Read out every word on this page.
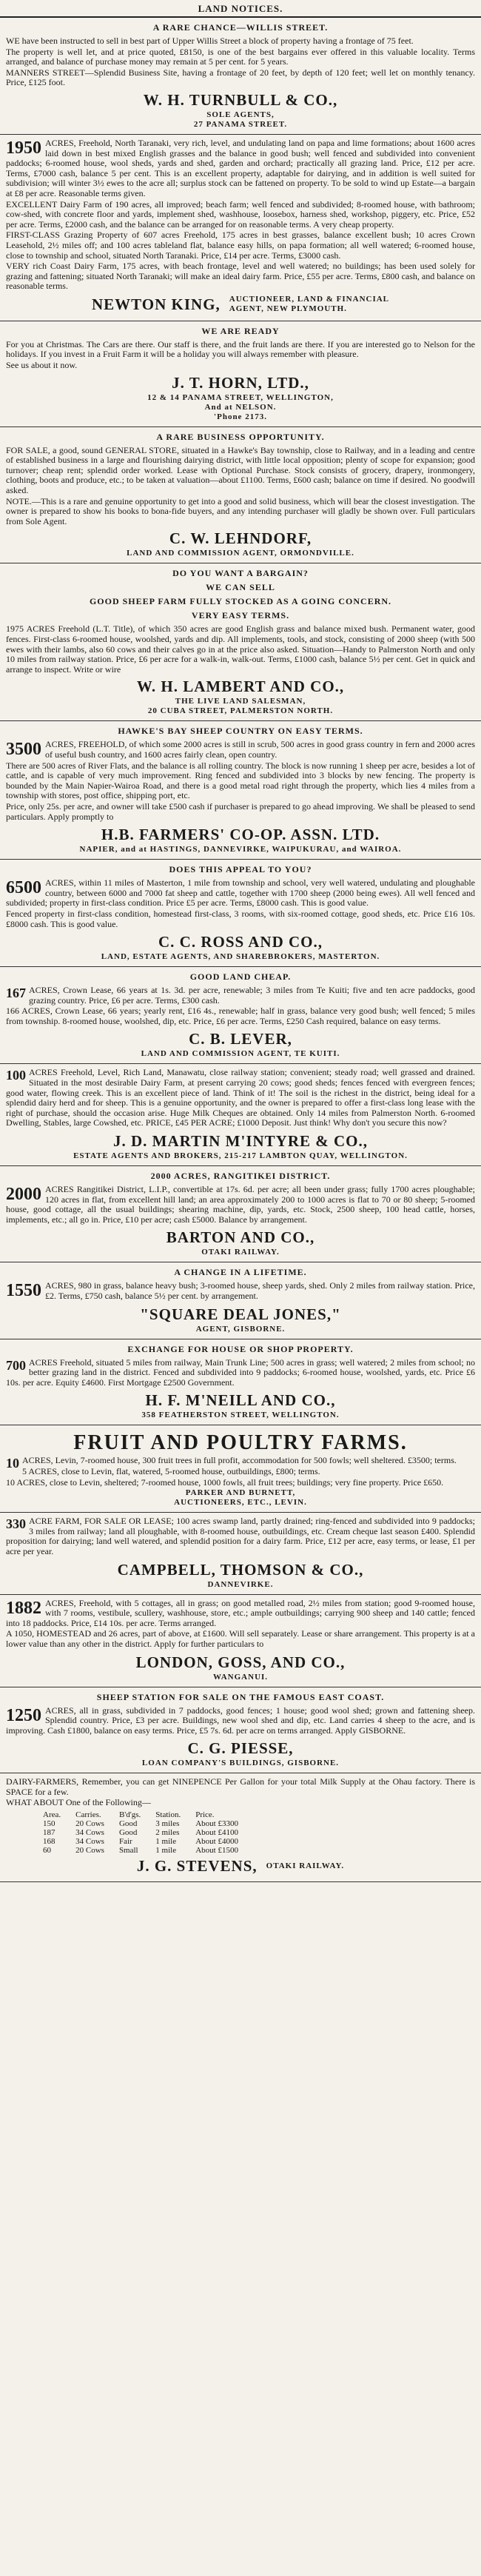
LAND NOTICES.
A RARE CHANCE—WILLIS STREET.

WE have been instructed to sell in best part of Upper Willis Street a block of property having a frontage of 75 feet.

The property is well let, and at price quoted, £8150, is one of the best bargains ever offered in this valuable locality. Terms arranged, and balance of purchase money may remain at 5 per cent. for 5 years.

MANNERS STREET—Splendid Business Site, having a frontage of 20 feet, by depth of 120 feet; well let on monthly tenancy. Price, £125 foot.

W. H. TURNBULL & CO.,
SOLE AGENTS,
27 PANAMA STREET.

1950 ACRES, Freehold, North Taranaki, very rich, level, and undulating land on papa and lime formations; about 1600 acres laid down in best mixed English grasses and the balance in good bush; well fenced and subdivided into convenient paddocks; 6-roomed house, wool sheds, yards and shed, garden and orchard; practically all grazing land. Price, £12 per acre. Terms, £7000 cash, balance 5 per cent. This is an excellent property, adaptable for dairying, and in addition is well suited for subdivision; will winter 3½ ewes to the acre all; surplus stock can be fattened on property. To be sold to wind up Estate—a bargain at £8 per acre. Reasonable terms given.

EXCELLENT Dairy Farm of 190 acres, all improved; beach farm; well fenced and subdivided; 8-roomed house, with bathroom; cow-shed, with concrete floor and yards, implement shed, washhouse, loosebox, harness shed, workshop, piggery, etc. Price, £52 per acre. Terms, £2000 cash, and the balance can be arranged for on reasonable terms. A very cheap property.

FIRST-CLASS Grazing Property of 607 acres Freehold, 175 acres in best grasses, balance excellent bush; 10 acres Crown Leasehold, 2½ miles off; and 100 acres tableland flat, balance easy hills, on papa formation; all well watered; 6-roomed house, close to township and school, situated North Taranaki. Price, £14 per acre. Terms, £3000 cash.

VERY rich Coast Dairy Farm, 175 acres, with beach frontage, level and well watered; no buildings; has been used solely for grazing and fattening; situated North Taranaki; will make an ideal dairy farm. Price, £55 per acre. Terms, £800 cash, and balance on reasonable terms.

NEWTON KING, AUCTIONEER, LAND & FINANCIAL
AGENT, NEW PLYMOUTH.
WE ARE READY

For you at Christmas. The Cars are there. Our staff is there, and the fruit lands are there. If you are interested go to Nelson for the holidays. If you invest in a Fruit Farm it will be a holiday you will always remember with pleasure.

See us about it now.

J. T. HORN, LTD.,
12 & 14 PANAMA STREET, WELLINGTON,
And at NELSON.
'Phone 2173.
A RARE BUSINESS OPPORTUNITY.

FOR SALE, a good, sound GENERAL STORE, situated in a Hawke's Bay township, close to Railway, and in a leading and centre of established business in a large and flourishing dairying district, with little local opposition; plenty of scope for expansion; good turnover; cheap rent; splendid order worked. Lease with Optional Purchase. Stock consists of grocery, drapery, ironmongery, clothing, boots and produce, etc.; to be taken at valuation—about £1100. Terms, £600 cash; balance on time if desired. No goodwill asked.

NOTE.—This is a rare and genuine opportunity to get into a good and solid business, which will bear the closest investigation. The owner is prepared to show his books to bona-fide buyers, and any intending purchaser will gladly be shown over. Full particulars from Sole Agent.

C. W. LEHNDORF,
LAND AND COMMISSION AGENT, ORMONDVILLE.
DO YOU WANT A BARGAIN?
WE CAN SELL
GOOD SHEEP FARM FULLY STOCKED AS A GOING CONCERN.
VERY EASY TERMS.

1975 ACRES Freehold (L.T. Title), of which 350 acres are good English grass and balance mixed bush. Permanent water, good fences. First-class 6-roomed house, woolshed, yards and dip. All implements, tools, and stock, consisting of 2000 sheep (with 500 ewes with their lambs, also 60 cows and their calves go in at the price also asked. Situation—Handy to Palmerston North and only 10 miles from railway station. Price, £6 per acre for a walk-in, walk-out. Terms, £1000 cash, balance 5½ per cent. Get in quick and arrange to inspect. Write or wire

W. H. LAMBERT AND CO.,
THE LIVE LAND SALESMAN,
20 CUBA STREET, PALMERSTON NORTH.
HAWKE'S BAY SHEEP COUNTRY ON EASY TERMS.

3500 ACRES, FREEHOLD, of which some 2000 acres is still in scrub, 500 acres in good grass country in fern and 2000 acres of useful bush country, and 1600 acres fairly clean, open country.

There are 500 acres of River Flats, and the balance is all rolling country. The block is now running 1 sheep per acre, besides a lot of cattle, and is capable of very much improvement. Ring fenced and subdivided into 3 blocks by new fencing. The property is bounded by the Main Napier-Wairoa Road, and there is a good metal road right through the property, which lies 4 miles from a township with stores, post office, shipping port, etc.

Price, only 25s. per acre, and owner will take £500 cash if purchaser is prepared to go ahead improving. We shall be pleased to send particulars. Apply promptly to

H.B. FARMERS' CO-OP. ASSN. LTD.
NAPIER, and at HASTINGS, DANNEVIRKE, WAIPUKURAU, and WAIROA.
DOES THIS APPEAL TO YOU?

6500 ACRES, within 11 miles of Masterton, 1 mile from township and school, very well watered, undulating and ploughable country, between 6000 and 7000 fat sheep and cattle, together with 1700 sheep (2000 being ewes). All well fenced and subdivided; property in first-class condition. Price £5 per acre. Terms, £8000 cash. This is good value.

Fenced property in first-class condition, homestead first-class, 3 rooms, with six-roomed cottage, good sheds, etc. Price £16 10s. £8000 cash. This is good value.

C. C. ROSS AND CO.,
LAND, ESTATE AGENTS, AND SHAREBROKERS, MASTERTON.
GOOD LAND CHEAP.

167 ACRES, Crown Lease, 66 years at 1s. 3d. per acre, renewable; 3 miles from Te Kuiti; five and ten acre paddocks, good grazing country. Price, £6 per acre. Terms, £300 cash.

166 ACRES, Crown Lease, 66 years; yearly rent, £16 4s., renewable; half in grass, balance very good bush; well fenced; 5 miles from township. 8-roomed house, woolshed, dip, etc. Price, £6 per acre. Terms, £250 Cash required, balance on easy terms.

C. B. LEVER,
LAND AND COMMISSION AGENT, TE KUITI.

100 ACRES Freehold, Level, Rich Land, Manawatu, close railway station; convenient; steady road; well grassed and drained. Situated in the most desirable Dairy Farm, at present carrying 20 cows; good sheds; fences fenced with evergreen fences; good water, flowing creek. This is an excellent piece of land. Think of it! The soil is the richest in the district, being ideal for a splendid dairy herd and for sheep. This is a genuine opportunity, and the owner is prepared to offer a first-class long lease with the right of purchase, should the occasion arise. Huge Milk Cheques are obtained. Only 14 miles from Palmerston North. 6-roomed Dwelling, Stables, large Cowshed, etc. PRICE, £45 PER ACRE; £1000 Deposit. Just think! Why don't you secure this now?

J. D. MARTIN M'INTYRE & CO.,
ESTATE AGENTS AND BROKERS, 215-217 LAMBTON QUAY, WELLINGTON.
2000 ACRES, RANGITIKEI DISTRICT.

2000 ACRES Rangitikei District, L.I.P., convertible at 17s. 6d. per acre; all been under grass; fully 1700 acres ploughable; 120 acres in flat, from excellent hill land; an area approximately 200 to 1000 acres is flat to 70 or 80 sheep; 5-roomed house, good cottage, all the usual buildings; shearing machine, dip, yards, etc. Stock, 2500 sheep, 100 head cattle, horses, implements, etc.; all go in. Price, £10 per acre; cash £5000. Balance by arrangement.

BARTON AND CO.,
OTAKI RAILWAY.
A CHANGE IN A LIFETIME.

1550 ACRES, 980 in grass, balance heavy bush; 3-roomed house, sheep yards, shed. Only 2 miles from railway station. Price, £2. Terms, £750 cash, balance 5½ per cent. by arrangement.

"SQUARE DEAL JONES,"
AGENT, GISBORNE.
EXCHANGE FOR HOUSE OR SHOP PROPERTY.

700 ACRES Freehold, situated 5 miles from railway, Main Trunk Line; 500 acres in grass; well watered; 2 miles from school; no better grazing land in the district. Fenced and subdivided into 9 paddocks; 6-roomed house, woolshed, yards, etc. Price £6 10s. per acre. Equity £4600. First Mortgage £2500 Government.

H. F. M'NEILL AND CO.,
358 FEATHERSTON STREET, WELLINGTON.
FRUIT AND POULTRY FARMS.

10 ACRES, Levin, 7-roomed house, 300 fruit trees in full profit, accommodation for 500 fowls; well sheltered. £3500; terms.

5 ACRES, close to Levin, flat, watered, 5-roomed house, outbuildings, £800; terms.

10 ACRES, close to Levin, sheltered; 7-roomed house, 1000 fowls, all fruit trees; buildings; very fine property. Price £650.

PARKER AND BURNETT,
AUCTIONEERS, ETC., LEVIN.

330 ACRE FARM, FOR SALE OR LEASE; 100 acres swamp land, partly drained; ring-fenced and subdivided into 9 paddocks; 3 miles from railway; land all ploughable, with 8-roomed house, outbuildings, etc. Cream cheque last season £400. Splendid proposition for dairying; land well watered, and splendid position for a dairy farm. Price, £12 per acre, easy terms, or lease, £1 per acre per year.

CAMPBELL, THOMSON & CO.,
DANNEVIRKE.

1882 ACRES, Freehold, with 5 cottages, all in grass; on good metalled road, 2½ miles from station; good 9-roomed house, with 7 rooms, vestibule, scullery, washhouse, store, etc.; ample outbuildings; carrying 900 sheep and 140 cattle; fenced into 18 paddocks. Price, £14 10s. per acre. Terms arranged.

A 1050, HOMESTEAD and 26 acres, part of above, at £1600. Will sell separately. Lease or share arrangement. This property is at a lower value than any other in the district. Apply for further particulars to

LONDON, GOSS, AND CO.,
WANGANUI.
SHEEP STATION FOR SALE ON THE FAMOUS EAST COAST.

1250 ACRES, all in grass, subdivided in 7 paddocks, good fences; 1 house; good wool shed; grown and fattening sheep. Splendid country. Price, £3 per acre. Buildings, new wool shed and dip, etc. Land carries 4 sheep to the acre, and is improving. Cash £1800, balance on easy terms. Price, £5 7s. 6d. per acre on terms arranged. Apply GISBORNE.

C. G. PIESSE,
LOAN COMPANY'S BUILDINGS, GISBORNE.

DAIRY-FARMERS, Remember, you can get NINEPENCE Per Gallon for your total Milk Supply at the Ohau factory. There is SPACE for a few.

WHAT ABOUT One of the Following—

Area.	Carries.	B'd'gs.	Station.	Price.
150	20 Cows	Good	3 miles	About £3300
187	34 Cows	Good	2 miles	About £4100
168	34 Cows	Fair	1 mile	About £4000
60	20 Cows	Small	1 mile	About £1500
J. G. STEVENS, OTAKI RAILWAY.
